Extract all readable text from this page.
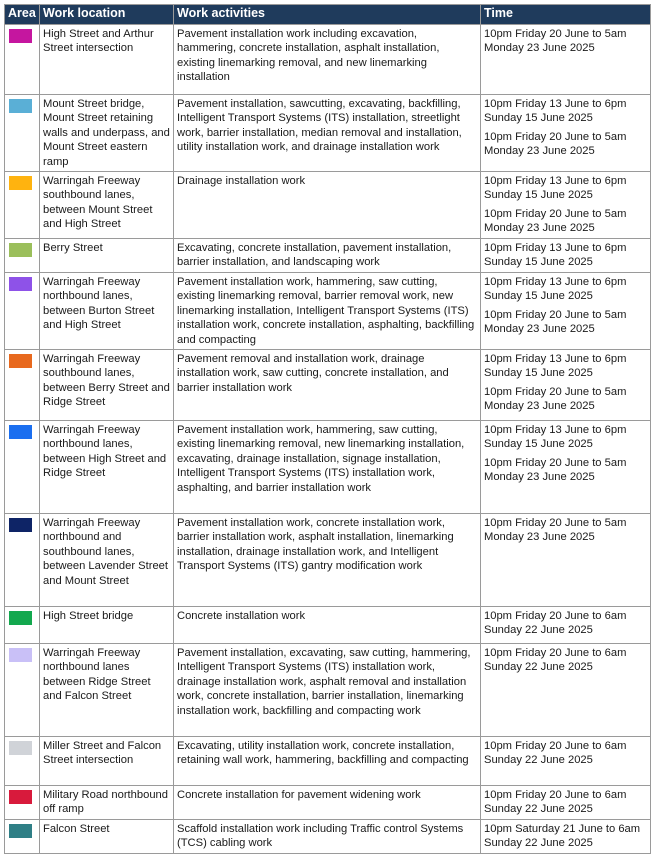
Area	Work location	Work activities	Time

	High Street and Arthur Street intersection	Pavement installation work including excavation, hammering, concrete installation, asphalt installation, existing linemarking removal, and new linemarking installation	10pm Friday 20 June to 5am Monday 23 June 2025

	Mount Street bridge, Mount Street retaining walls and underpass, and Mount Street eastern ramp	Pavement installation, sawcutting, excavating, backfilling, Intelligent Transport Systems (ITS) installation, streetlight work, barrier installation, median removal and installation, utility installation work, and drainage installation work	10pm Friday 13 June to 6pm Sunday 15 June 2025
10pm Friday 20 June to 5am Monday 23 June 2025

	Warringah Freeway southbound lanes, between Mount Street and High Street	Drainage installation work	10pm Friday 13 June to 6pm Sunday 15 June 2025
10pm Friday 20 June to 5am Monday 23 June 2025

	Berry Street	Excavating, concrete installation, pavement installation, barrier installation, and landscaping work	10pm Friday 13 June to 6pm Sunday 15 June 2025

	Warringah Freeway northbound lanes, between Burton Street and High Street	Pavement installation work, hammering, saw cutting, existing linemarking removal, barrier removal work, new linemarking installation, Intelligent Transport Systems (ITS) installation work, concrete installation, asphalting, backfilling and compacting	10pm Friday 13 June to 6pm Sunday 15 June 2025
10pm Friday 20 June to 5am Monday 23 June 2025

	Warringah Freeway southbound lanes, between Berry Street and Ridge Street	Pavement removal and installation work, drainage installation work, saw cutting, concrete installation, and barrier installation work	10pm Friday 13 June to 6pm Sunday 15 June 2025
10pm Friday 20 June to 5am Monday 23 June 2025

	Warringah Freeway northbound lanes, between High Street and Ridge Street	Pavement installation work, hammering, saw cutting, existing linemarking removal, new linemarking installation, excavating, drainage installation, signage installation, Intelligent Transport Systems (ITS) installation work, asphalting, and barrier installation work	10pm Friday 13 June to 6pm Sunday 15 June 2025
10pm Friday 20 June to 5am Monday 23 June 2025

	Warringah Freeway northbound and southbound lanes, between Lavender Street and Mount Street	Pavement installation work, concrete installation work, barrier installation work, asphalt installation, linemarking installation, drainage installation work, and Intelligent Transport Systems (ITS) gantry modification work	10pm Friday 20 June to 5am Monday 23 June 2025

	High Street bridge	Concrete installation work	10pm Friday 20 June to 6am Sunday 22 June 2025

	Warringah Freeway northbound lanes between Ridge Street and Falcon Street	Pavement installation, excavating, saw cutting, hammering, Intelligent Transport Systems (ITS) installation work, drainage installation work, asphalt removal and installation work, concrete installation, barrier installation, linemarking installation work, backfilling and compacting work	10pm Friday 20 June to 6am Sunday 22 June 2025

	Miller Street and Falcon Street intersection	Excavating, utility installation work, concrete installation, retaining wall work, hammering, backfilling and compacting	10pm Friday 20 June to 6am Sunday 22 June 2025

	Military Road northbound off ramp	Concrete installation for pavement widening work	10pm Friday 20 June to 6am Sunday 22 June 2025

	Falcon Street	Scaffold installation work including Traffic control Systems (TCS) cabling work	10pm Saturday 21 June to 6am Sunday 22 June 2025
